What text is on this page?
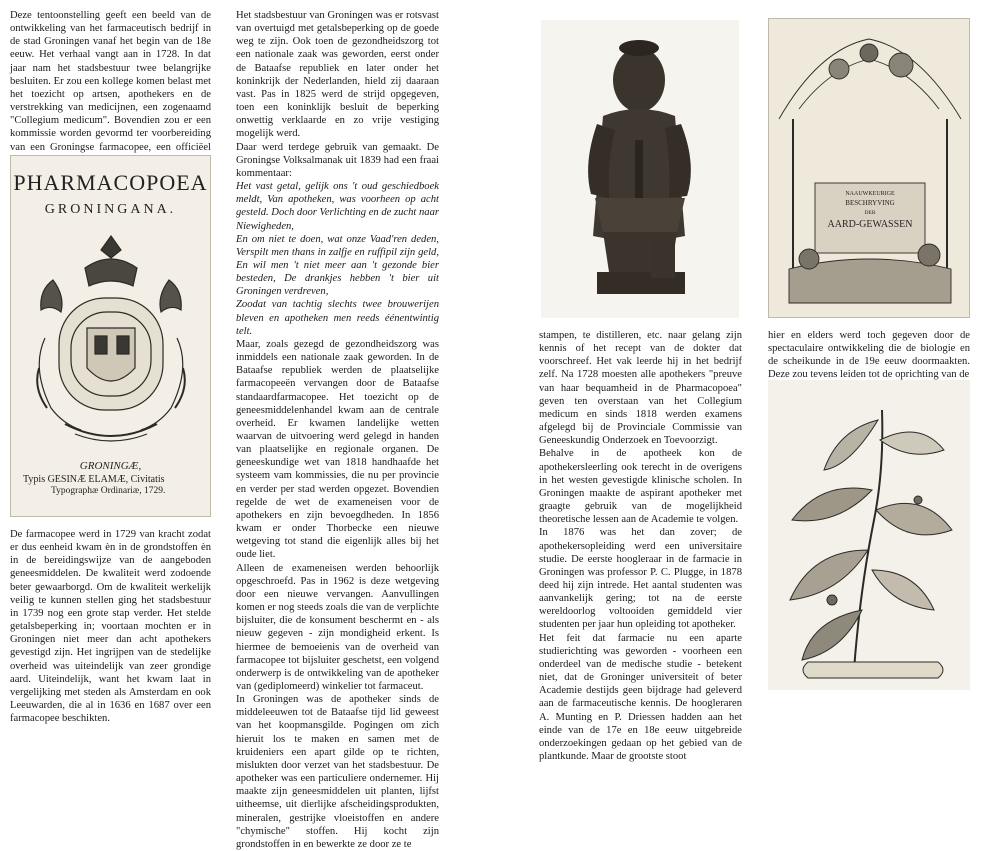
Deze tentoonstelling geeft een beeld van de ontwikkeling van het farmaceutisch bedrijf in de stad Groningen vanaf het begin van de 18e eeuw. Het verhaal vangt aan in 1728. In dat jaar nam het stadsbestuur twee belangrijke besluiten. Er zou een kollege komen belast met het toezicht op artsen, apothekers en de verstrekking van medicijnen, een zogenaamd "Collegium medicum". Bovendien zou er een kommissie worden gevormd ter voorbereiding van een Groningse farmacopee, een officiëel

PHARMACOPOEA
GRONINGANA.
GRONINGÆ,
Typis GESINÆ ELAMÆ, Civitatis
Typographæ Ordinariæ, 1729.

De farmacopee werd in 1729 van kracht zodat er dus eenheid kwam èn in de grondstoffen èn in de bereidingswijze van de aangeboden geneesmiddelen. De kwaliteit werd zodoende beter gewaarborgd. Om de kwaliteit werkelijk veilig te kunnen stellen ging het stadsbestuur in 1739 nog een grote stap verder. Het stelde getalsbeperking in; voortaan mochten er in Groningen niet meer dan acht apothekers gevestigd zijn. Het ingrijpen van de stedelijke overheid was uiteindelijk van zeer grondige aard. Uiteindelijk, want het kwam laat in vergelijking met steden als Amsterdam en ook Leeuwarden, die al in 1636 en 1687 over een farmacopee beschikten.

Het stadsbestuur van Groningen was er rotsvast van overtuigd met getalsbeperking op de goede weg te zijn. Ook toen de gezondheidszorg tot een nationale zaak was geworden, eerst onder de Bataafse republiek en later onder het koninkrijk der Nederlanden, hield zij daaraan vast. Pas in 1825 werd de strijd opgegeven, toen een koninklijk besluit de beperking onwettig verklaarde en zo vrije vestiging mogelijk werd.

Daar werd terdege gebruik van gemaakt. De Groningse Volksalmanak uit 1839 had een fraai kommentaar:

Het vast getal, gelijk ons 't oud geschiedboek meldt, Van apotheken, was voorheen op acht gesteld. Doch door Verlichting en de zucht naar Niewigheden,

En om niet te doen, wat onze Vaad'ren deden, Verspilt men thans in zalfje en ruffipil zijn geld, En wil men 't niet meer aan 't gezonde bier besteden, De drankjes hebben 't bier uit Groningen verdreven,

Zoodat van tachtig slechts twee brouwerijen bleven en apotheken men reeds éénentwintig telt.

Maar, zoals gezegd de gezondheidszorg was inmiddels een nationale zaak geworden. In de Bataafse republiek werden de plaatselijke farmacopeeën vervangen door de Bataafse standaardfarmacopee. Het toezicht op de geneesmiddelenhandel kwam aan de centrale overheid. Er kwamen landelijke wetten waarvan de uitvoering werd gelegd in handen van plaatselijke en regionale organen. De geneeskundige wet van 1818 handhaafde het systeem vam kommissies, die nu per provincie en verder per stad werden opgezet. Bovendien regelde de wet de exameneisen voor de apothekers en zijn bevoegdheden. In 1856 kwam er onder Thorbecke een nieuwe wetgeving tot stand die eigenlijk alles bij het oude liet.

Alleen de exameneisen werden behoorlijk opgeschroefd. Pas in 1962 is deze wetgeving door een nieuwe vervangen. Aanvullingen komen er nog steeds zoals die van de verplichte bijsluiter, die de konsument beschermt en - als nieuw gegeven - zijn mondigheid erkent. Is hiermee de bemoeienis van de overheid van farmacopee tot bijsluiter geschetst, een volgend onderwerp is de ontwikkeling van de apotheker van (gediplomeerd) winkelier tot farmaceut.

In Groningen was de apotheker sinds de middeleeuwen tot de Bataafse tijd lid geweest van het koopmansgilde. Pogingen om zich hieruit los te maken en samen met de kruideniers een apart gilde op te richten, mislukten door verzet van het stadsbestuur. De apotheker was een particuliere ondernemer. Hij maakte zijn geneesmiddelen uit planten, lijfst uitheemse, uit dierlijke afscheidingsprodukten, mineralen, gestrijke vloeistoffen en andere "chymische" stoffen. Hij kocht zijn grondstoffen in en bewerkte ze door ze te

stampen, te distilleren, etc. naar gelang zijn kennis of het recept van de dokter dat voorschreef. Het vak leerde hij in het bedrijf zelf. Na 1728 moesten alle apothekers "preuve van haar bequamheid in de Pharmacopoea" geven ten overstaan van het Collegium medicum en sinds 1818 werden examens afgelegd bij de Provinciale Commissie van Geneeskundig Onderzoek en Toevoorzigt.

Behalve in de apotheek kon de apothekersleerling ook terecht in de overigens in het westen gevestigde klinische scholen. In Groningen maakte de aspirant apotheker met graagte gebruik van de mogelijkheid theoretische lessen aan de Academie te volgen.

In 1876 was het dan zover; de apothekersopleiding werd een universitaire studie. De eerste hoogleraar in de farmacie in Groningen was professor P. C. Plugge, in 1878 deed hij zijn intrede. Het aantal studenten was aanvankelijk gering; tot na de eerste wereldoorlog voltooiden gemiddeld vier studenten per jaar hun opleiding tot apotheker.

Het feit dat farmacie nu een aparte studierichting was geworden - voorheen een onderdeel van de medische studie - betekent niet, dat de Groninger universiteit of beter Academie destijds geen bijdrage had geleverd aan de farmaceutische kennis. De hoogleraren A. Munting en P. Driessen hadden aan het einde van de 17e en 18e eeuw uitgebreide onderzoekingen gedaan op het gebied van de plantkunde. Maar de grootste stoot

NAAUWKEURIGE
BESCHRYVING
DER
AARD-GEWASSEN

hier en elders werd toch gegeven door de spectaculaire ontwikkeling die de biologie en de scheikunde in de 19e eeuw doormaakten. Deze zou tevens leiden tot de oprichting van de
